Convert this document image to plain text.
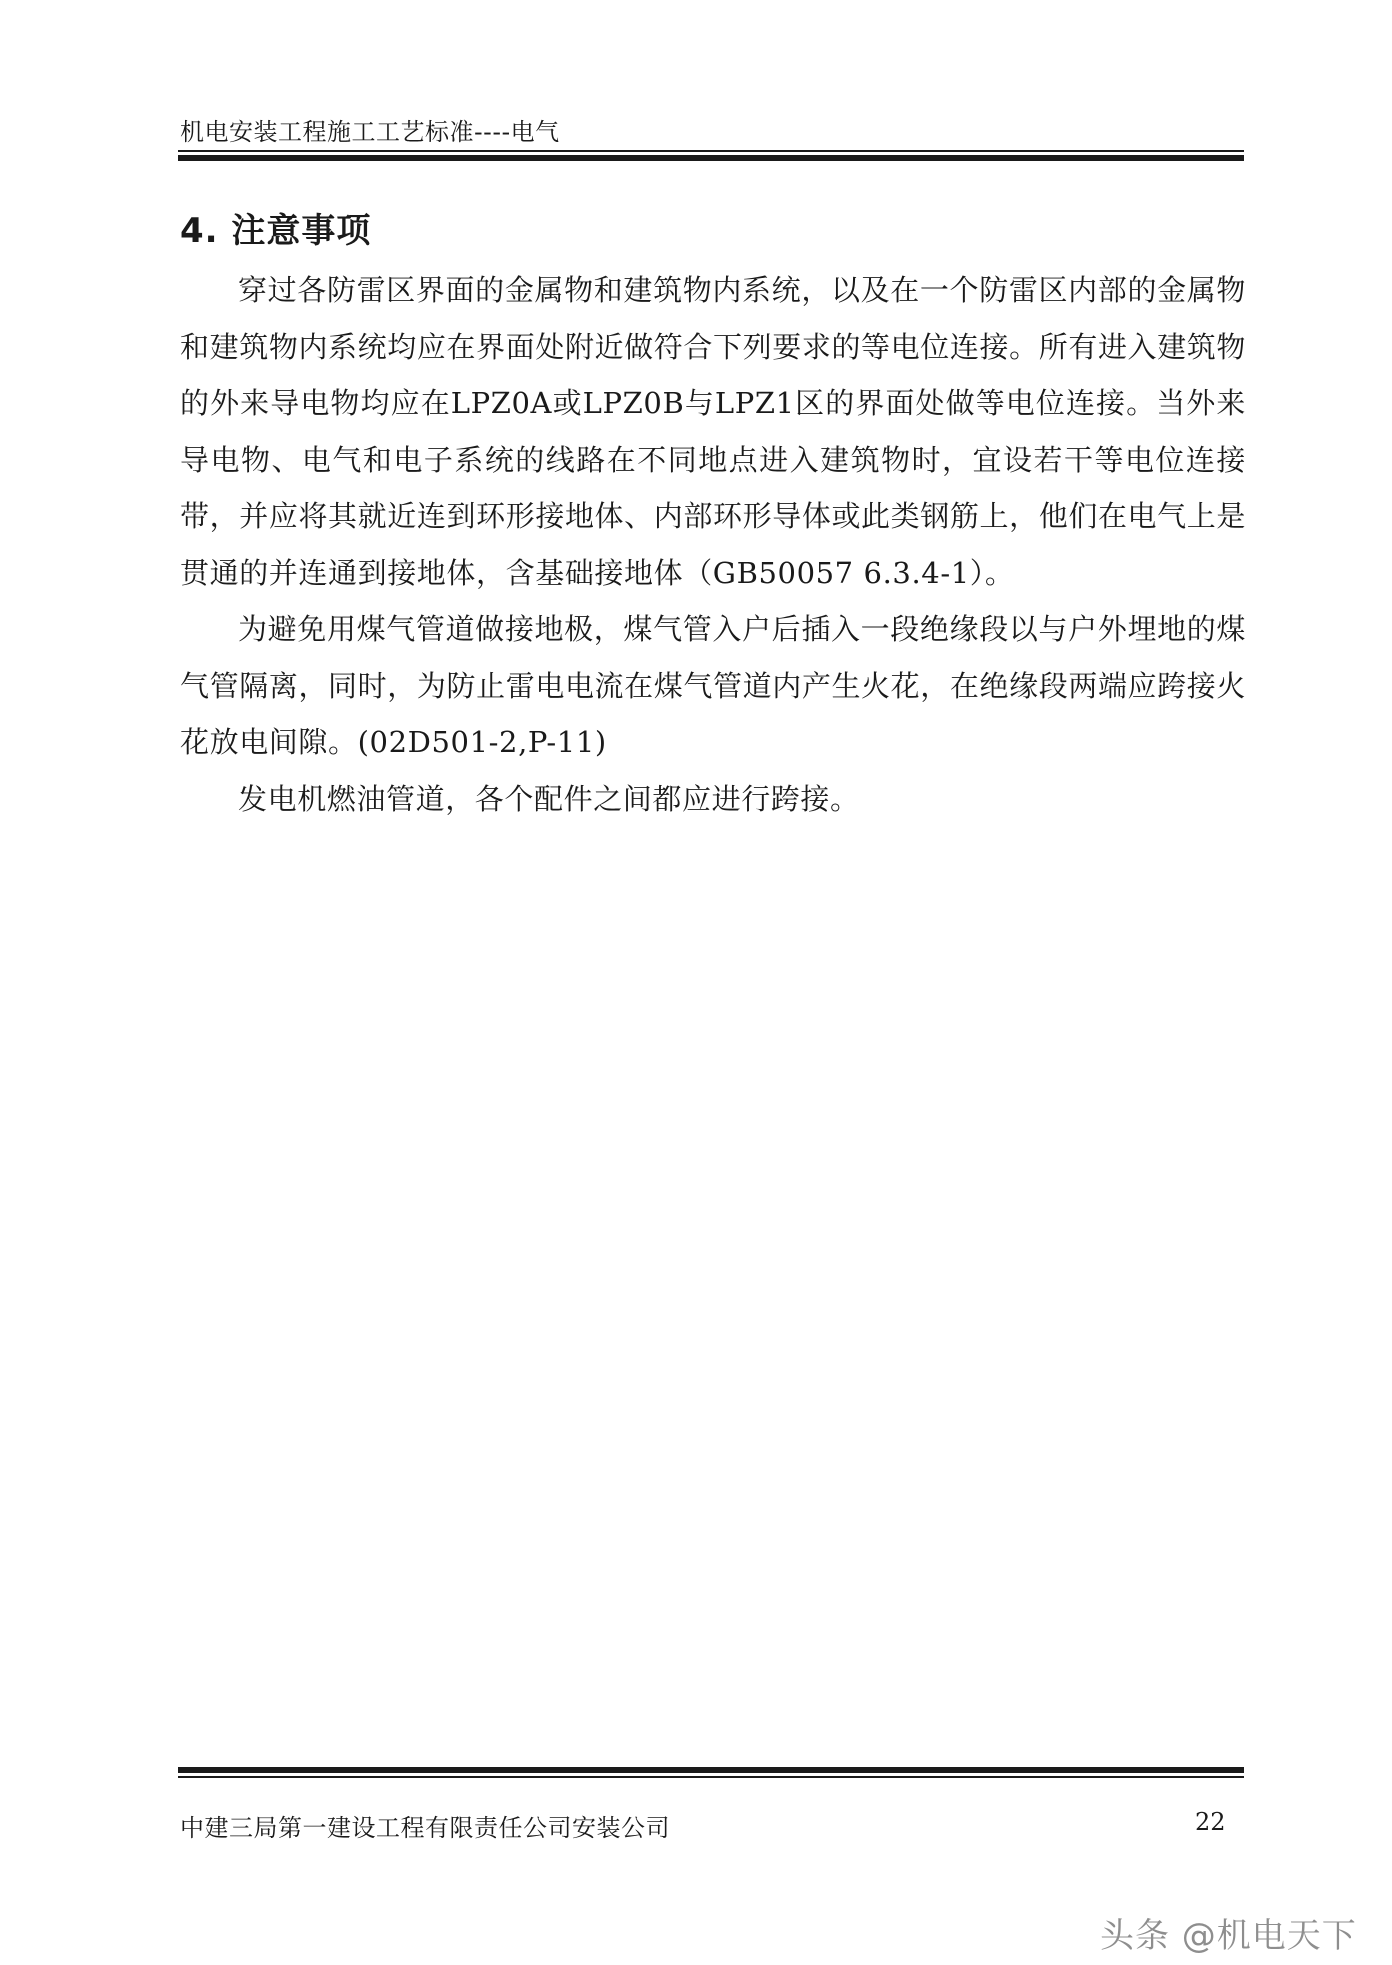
机电安装工程施工工艺标准----电气
4. 注意事项

穿过各防雷区界面的金属物和建筑物内系统，以及在一个防雷区内部的金属物和建筑物内系统均应在界面处附近做符合下列要求的等电位连接。所有进入建筑物的外来导电物均应在LPZ0A或LPZ0B与LPZ1区的界面处做等电位连接。当外来导电物、电气和电子系统的线路在不同地点进入建筑物时，宜设若干等电位连接带，并应将其就近连到环形接地体、内部环形导体或此类钢筋上，他们在电气上是贯通的并连通到接地体，含基础接地体（GB50057 6.3.4-1）。

为避免用煤气管道做接地极，煤气管入户后插入一段绝缘段以与户外埋地的煤气管隔离，同时，为防止雷电电流在煤气管道内产生火花，在绝缘段两端应跨接火花放电间隙。(02D501-2,P-11)

发电机燃油管道，各个配件之间都应进行跨接。

中建三局第一建设工程有限责任公司安装公司	22
头条 @机电天下
